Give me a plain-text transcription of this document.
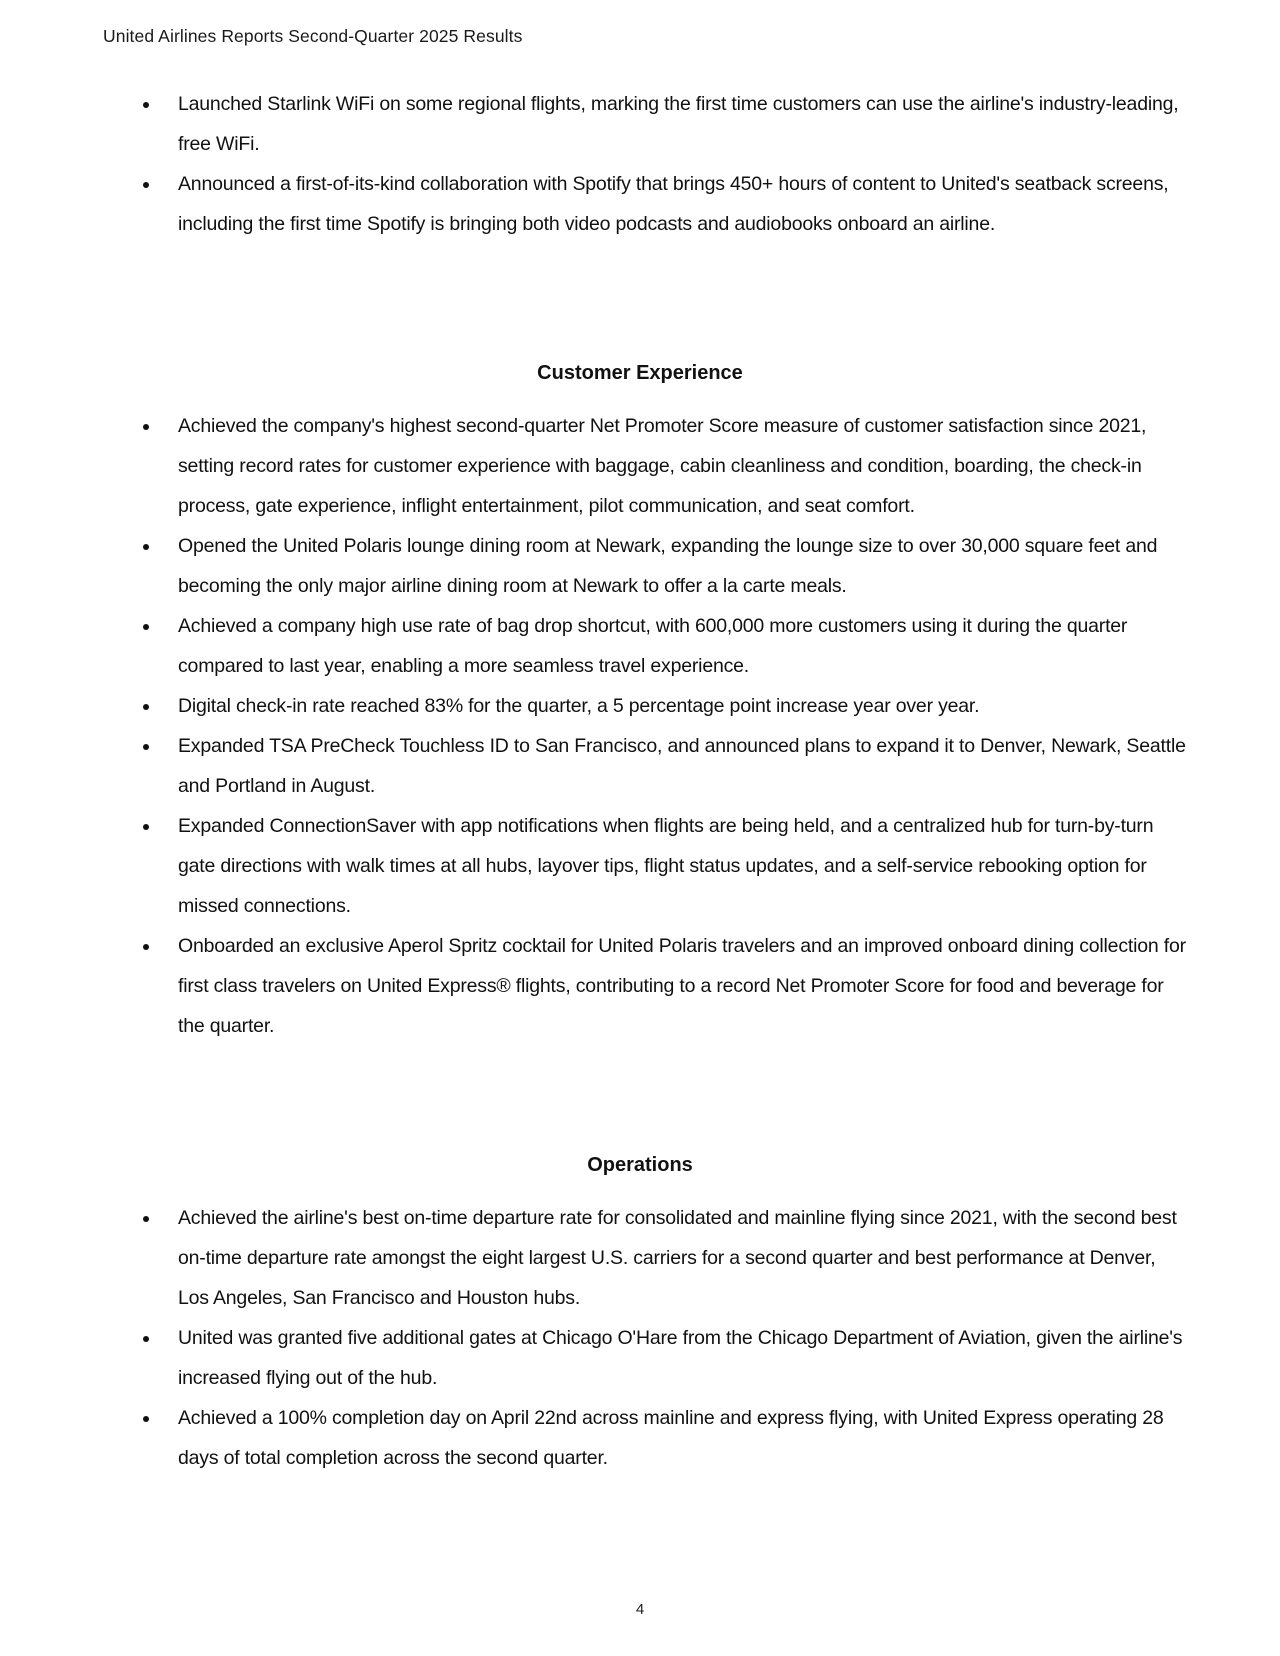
United Airlines Reports Second-Quarter 2025 Results
Launched Starlink WiFi on some regional flights, marking the first time customers can use the airline's industry-leading, free WiFi.
Announced a first-of-its-kind collaboration with Spotify that brings 450+ hours of content to United's seatback screens, including the first time Spotify is bringing both video podcasts and audiobooks onboard an airline.
Customer Experience
Achieved the company's highest second-quarter Net Promoter Score measure of customer satisfaction since 2021, setting record rates for customer experience with baggage, cabin cleanliness and condition, boarding, the check-in process, gate experience, inflight entertainment, pilot communication, and seat comfort.
Opened the United Polaris lounge dining room at Newark, expanding the lounge size to over 30,000 square feet and becoming the only major airline dining room at Newark to offer a la carte meals.
Achieved a company high use rate of bag drop shortcut, with 600,000 more customers using it during the quarter compared to last year, enabling a more seamless travel experience.
Digital check-in rate reached 83% for the quarter, a 5 percentage point increase year over year.
Expanded TSA PreCheck Touchless ID to San Francisco, and announced plans to expand it to Denver, Newark, Seattle and Portland in August.
Expanded ConnectionSaver with app notifications when flights are being held, and a centralized hub for turn-by-turn gate directions with walk times at all hubs, layover tips, flight status updates, and a self-service rebooking option for missed connections.
Onboarded an exclusive Aperol Spritz cocktail for United Polaris travelers and an improved onboard dining collection for first class travelers on United Express® flights, contributing to a record Net Promoter Score for food and beverage for the quarter.
Operations
Achieved the airline's best on-time departure rate for consolidated and mainline flying since 2021, with the second best on-time departure rate amongst the eight largest U.S. carriers for a second quarter and best performance at Denver, Los Angeles, San Francisco and Houston hubs.
United was granted five additional gates at Chicago O'Hare from the Chicago Department of Aviation, given the airline's increased flying out of the hub.
Achieved a 100% completion day on April 22nd across mainline and express flying, with United Express operating 28 days of total completion across the second quarter.
4
